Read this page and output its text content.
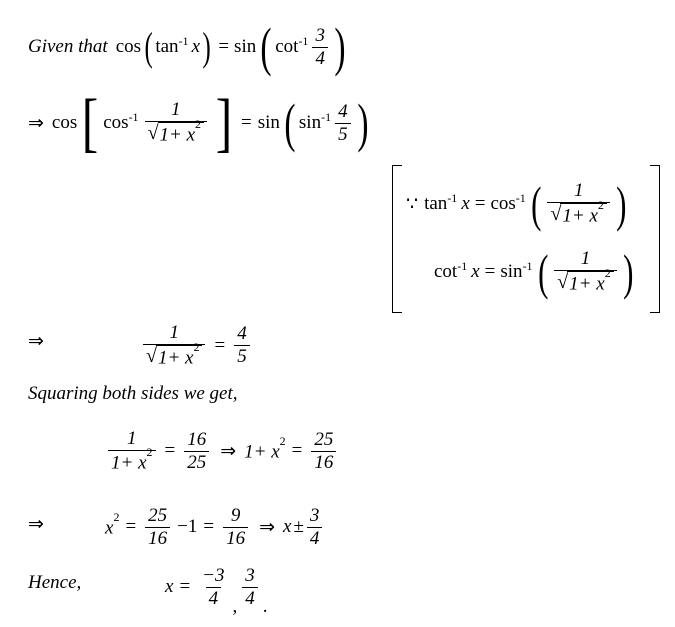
Given that cos ( tan -1 x ) = sin ( $\cot -1 \frac{3}{4}$ )
⇒ cos [ $\cos -1 \frac{1}{√ 1+ x^2}$ ] = sin ( $\sin -1 \frac{4}{5}$ )
∵ tan -1 x = cos -1 ( $\frac{1}{√ 1+ x^2}$ )
cot -1 x = sin -1 ( $\frac{1}{√ 1+ x^2}$ )
⇒	$\frac{1}{√ 1+ x^2} = \frac{4}{5}$
Squaring both sides we get,
$\frac{1}{1+ x^2} = \frac{16}{25}$ ⇒ $1+ x^2 = \frac{25}{16}$
⇒	$x^2 = \frac{25}{16} -1 = \frac{9}{16}$ ⇒ $x \pm \frac{3}{4}$
Hence,	$x = \frac{-3}{4}$ , $\frac{3}{4}$ .
